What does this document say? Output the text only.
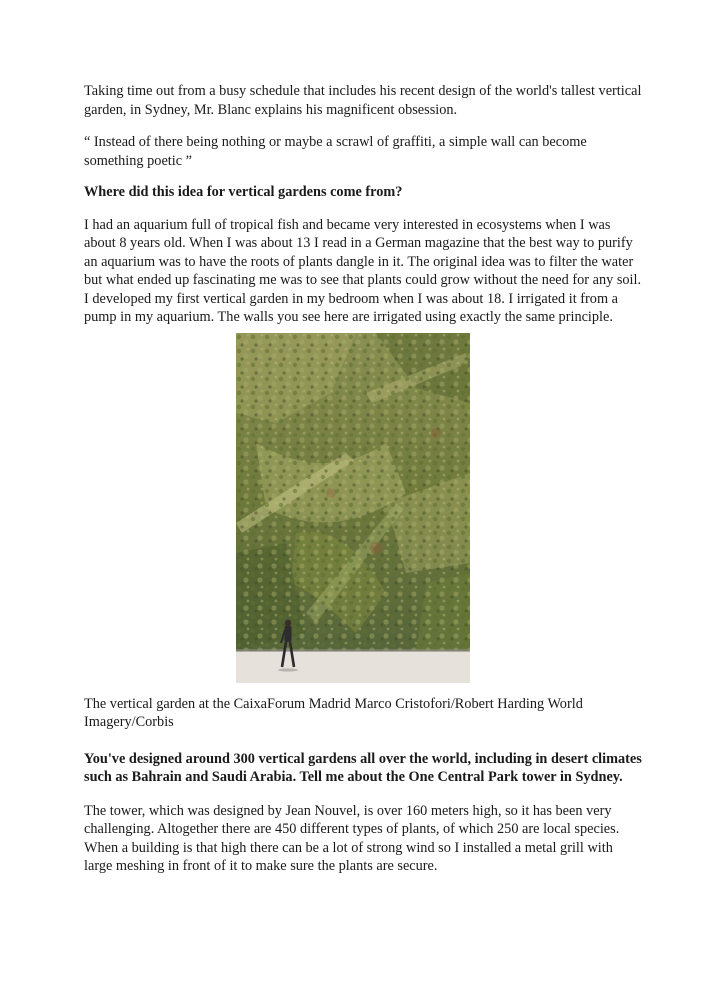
Taking time out from a busy schedule that includes his recent design of the world's tallest vertical garden, in Sydney, Mr. Blanc explains his magnificent obsession.

“ Instead of there being nothing or maybe a scrawl of graffiti, a simple wall can become something poetic ”

Where did this idea for vertical gardens come from?

I had an aquarium full of tropical fish and became very interested in ecosystems when I was about 8 years old. When I was about 13 I read in a German magazine that the best way to purify an aquarium was to have the roots of plants dangle in it. The original idea was to filter the water but what ended up fascinating me was to see that plants could grow without the need for any soil. I developed my first vertical garden in my bedroom when I was about 18. I irrigated it from a pump in my aquarium. The walls you see here are irrigated using exactly the same principle.

The vertical garden at the CaixaForum Madrid Marco Cristofori/Robert Harding World Imagery/Corbis

You've designed around 300 vertical gardens all over the world, including in desert climates such as Bahrain and Saudi Arabia. Tell me about the One Central Park tower in Sydney.

The tower, which was designed by Jean Nouvel, is over 160 meters high, so it has been very challenging. Altogether there are 450 different types of plants, of which 250 are local species. When a building is that high there can be a lot of strong wind so I installed a metal grill with large meshing in front of it to make sure the plants are secure.
